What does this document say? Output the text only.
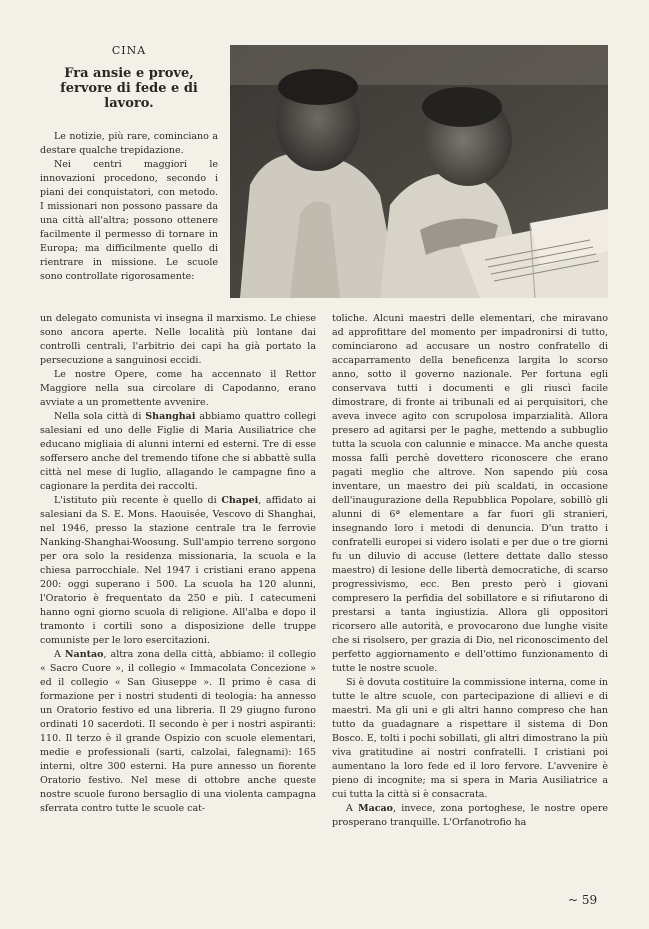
CINA
Fra ansie e prove, fervore di fede e di lavoro.

Le notizie, più rare, cominciano a destare qualche trepidazione.

Nei centri maggiori le innovazioni procedono, secondo i piani dei conquistatori, con metodo. I missionari non possono passare da una città all'altra; possono ottenere facilmente il permesso di tornare in Europa; ma difficilmente quello di rientrare in missione. Le scuole sono controllate rigorosamente:

un delegato comunista vi insegna il marxismo. Le chiese sono ancora aperte. Nelle località più lontane dai controlli centrali, l'arbitrio dei capi ha già portato la persecuzione a sanguinosi eccidi.

Le nostre Opere, come ha accennato il Rettor Maggiore nella sua circolare di Capodanno, erano avviate a un promettente avvenire.

Nella sola città di Shanghai abbiamo quattro collegi salesiani ed uno delle Figlie di Maria Ausiliatrice che educano migliaia di alunni interni ed esterni. Tre di esse soffersero anche del tremendo tifone che si abbattè sulla città nel mese di luglio, allagando le campagne fino a cagionare la perdita dei raccolti.

L'istituto più recente è quello di Chapei, affidato ai salesiani da S. E. Mons. Haouisée, Vescovo di Shanghai, nel 1946, presso la stazione centrale tra le ferrovie Nanking-Shanghai-Woosung. Sull'ampio terreno sorgono per ora solo la residenza missionaria, la scuola e la chiesa parrocchiale. Nel 1947 i cristiani erano appena 200: oggi superano i 500. La scuola ha 120 alunni, l'Oratorio è frequentato da 250 e più. I catecumeni hanno ogni giorno scuola di religione. All'alba e dopo il tramonto i cortili sono a disposizione delle truppe comuniste per le loro esercitazioni.

A Nantao, altra zona della città, abbiamo: il collegio « Sacro Cuore », il collegio « Immacolata Concezione » ed il collegio « San Giuseppe ». Il primo è casa di formazione per i nostri studenti di teologia: ha annesso un Oratorio festivo ed una libreria. Il 29 giugno furono ordinati 10 sacerdoti. Il secondo è per i nostri aspiranti: 110. Il terzo è il grande Ospizio con scuole elementari, medie e professionali (sarti, calzolai, falegnami): 165 interni, oltre 300 esterni. Ha pure annesso un fiorente Oratorio festivo. Nel mese di ottobre anche queste nostre scuole furono bersaglio di una violenta campagna sferrata contro tutte le scuole cat-

toliche. Alcuni maestri delle elementari, che miravano ad approfittare del momento per impadronirsi di tutto, cominciarono ad accusare un nostro confratello di accaparramento della beneficenza largita lo scorso anno, sotto il governo nazionale. Per fortuna egli conservava tutti i documenti e gli riuscì facile dimostrare, di fronte ai tribunali ed ai perquisitori, che aveva invece agito con scrupolosa imparzialità. Allora presero ad agitarsi per le paghe, mettendo a subbuglio tutta la scuola con calunnie e minacce. Ma anche questa mossa fallì perchè dovettero riconoscere che erano pagati meglio che altrove. Non sapendo più cosa inventare, un maestro dei più scaldati, in occasione dell'inaugurazione della Repubblica Popolare, sobillò gli alunni di 6ª elementare a far fuori gli stranieri, insegnando loro i metodi di denuncia. D'un tratto i confratelli europei si videro isolati e per due o tre giorni fu un diluvio di accuse (lettere dettate dallo stesso maestro) di lesione delle libertà democratiche, di scarso progressivismo, ecc. Ben presto però i giovani compresero la perfidia del sobillatore e si rifiutarono di prestarsi a tanta ingiustizia. Allora gli oppositori ricorsero alle autorità, e provocarono due lunghe visite che si risolsero, per grazia di Dio, nel riconoscimento del perfetto aggiornamento e dell'ottimo funzionamento di tutte le nostre scuole.

Si è dovuta costituire la commissione interna, come in tutte le altre scuole, con partecipazione di allievi e di maestri. Ma gli uni e gli altri hanno compreso che han tutto da guadagnare a rispettare il sistema di Don Bosco. E, tolti i pochi sobillati, gli altri dimostrano la più viva gratitudine ai nostri confratelli. I cristiani poi aumentano la loro fede ed il loro fervore. L'avvenire è pieno di incognite; ma si spera in Maria Ausiliatrice a cui tutta la città si è consacrata.

A Macao, invece, zona portoghese, le nostre opere prosperano tranquille. L'Orfanotrofio ha

~ 59
